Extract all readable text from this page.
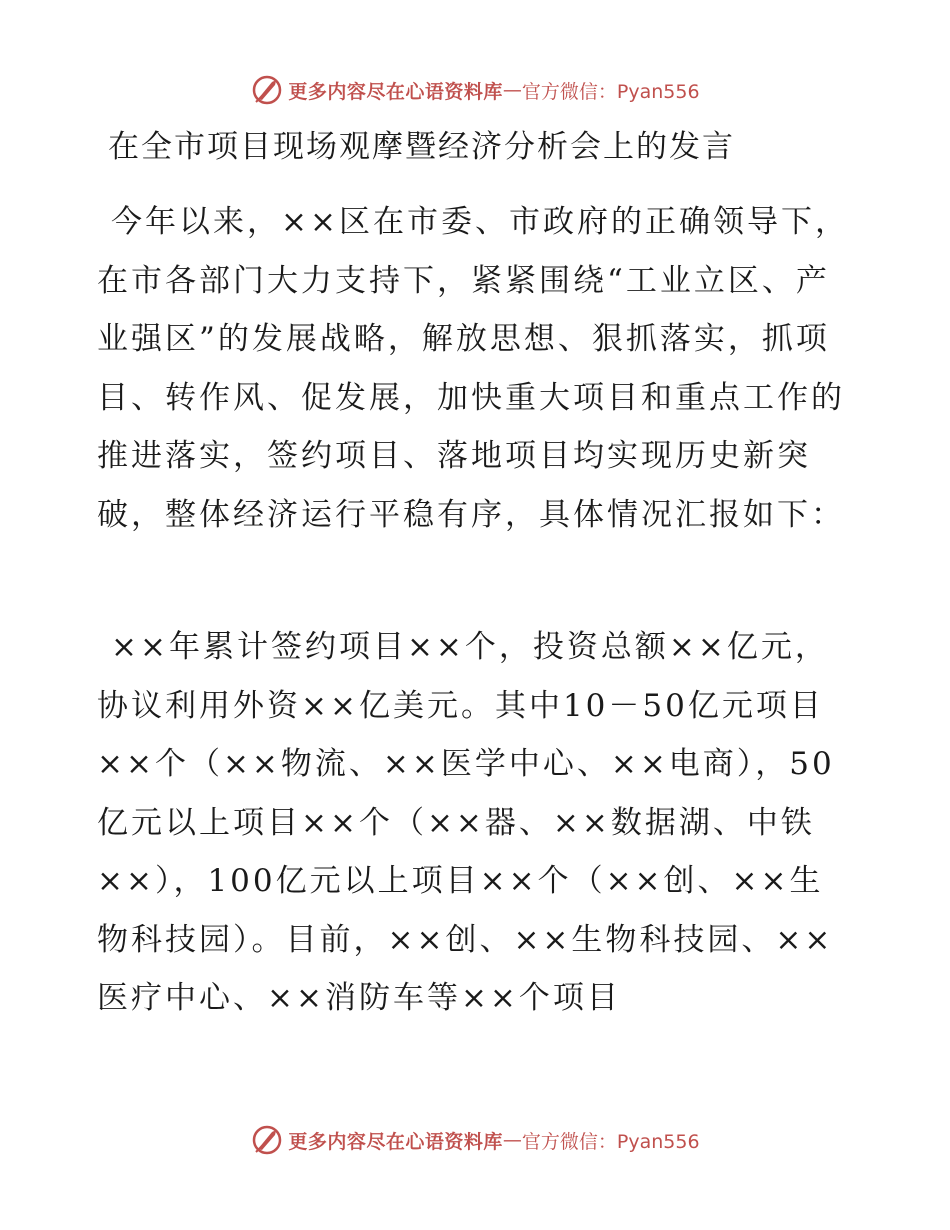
更多内容尽在心语资料库 — 官方微信：Pyan556
在全市项目现场观摩暨经济分析会上的发言
今年以来，××区在市委、市政府的正确领导下，在市各部门大力支持下，紧紧围绕“工业立区、产业强区”的发展战略，解放思想、狠抓落实，抓项目、转作风、促发展，加快重大项目和重点工作的推进落实，签约项目、落地项目均实现历史新突破，整体经济运行平稳有序，具体情况汇报如下：
××年累计签约项目××个，投资总额××亿元，协议利用外资××亿美元。其中10－50亿元项目××个（××物流、××医学中心、××电商），50亿元以上项目××个（××器、××数据湖、中铁××），100亿元以上项目××个（××创、××生物科技园）。目前，××创、××生物科技园、××医疗中心、××消防车等××个项目
更多内容尽在心语资料库 — 官方微信：Pyan556
